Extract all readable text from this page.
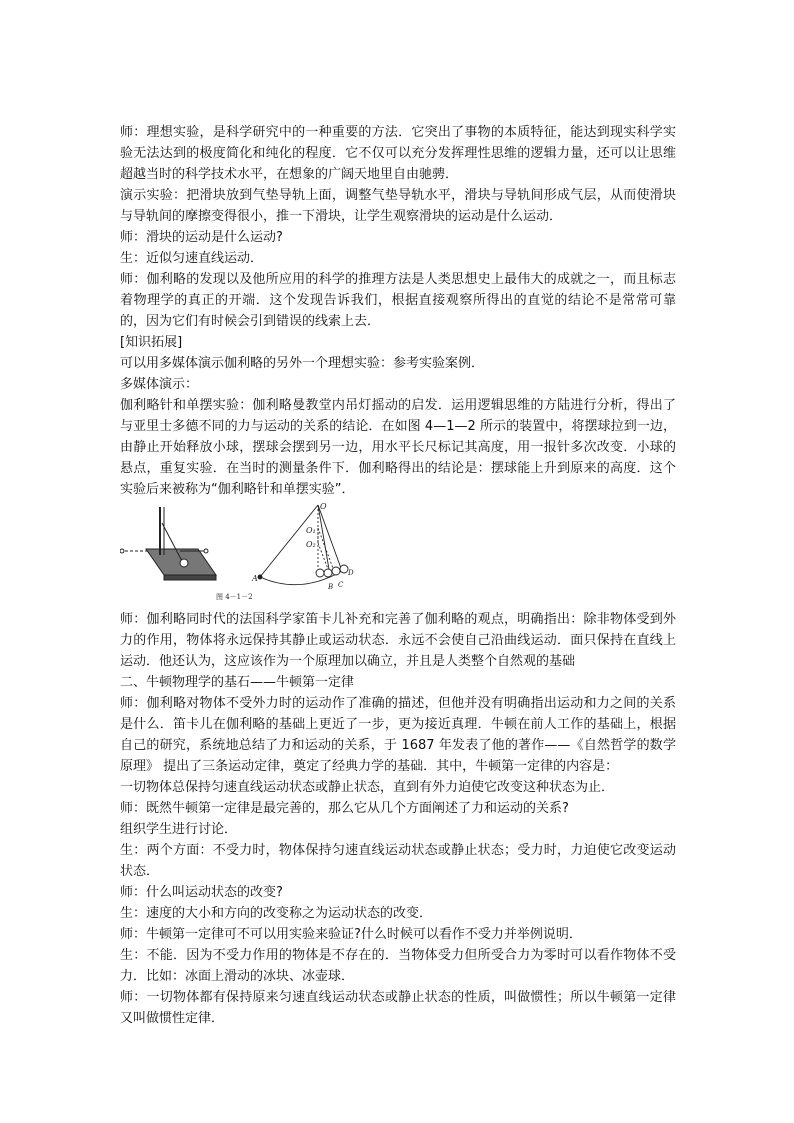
师：理想实验，是科学研究中的一种重要的方法．它突出了事物的本质特征，能达到现实科学实验无法达到的极度简化和纯化的程度．它不仅可以充分发挥理性思维的逻辑力量，还可以让思维超越当时的科学技术水平，在想象的广阔天地里自由驰骋．

演示实验：把滑块放到气垫导轨上面，调整气垫导轨水平，滑块与导轨间形成气层，从而使滑块与导轨间的摩擦变得很小，推一下滑块，让学生观察滑块的运动是什么运动．

师：滑块的运动是什么运动?

生：近似匀速直线运动．

师：伽利略的发现以及他所应用的科学的推理方法是人类思想史上最伟大的成就之一，而且标志着物理学的真正的开端．这个发现告诉我们，根据直接观察所得出的直觉的结论不是常常可靠的，因为它们有时候会引到错误的线索上去．

[知识拓展]

可以用多媒体演示伽利略的另外一个理想实验：参考实验案例．

多媒体演示：

伽利略针和单摆实验：伽利略曼教堂内吊灯摇动的启发．运用逻辑思维的方陆进行分析，得出了与亚里士多德不同的力与运动的关系的结论．在如图 4—1—2 所示的装置中，将摆球拉到一边，由静止开始释放小球，摆球会摆到另一边，用水平长尺标记其高度，用一报针多次改变．小球的悬点，重复实验．在当时的测量条件下．伽利略得出的结论是：摆球能上升到原来的高度．这个实验后来被称为“伽利略针和单摆实验”．

图 4－1－2
O
O₁
O₂
A
B C
D

师：伽利略同时代的法国科学家笛卡儿补充和完善了伽利略的观点，明确指出：除非物体受到外力的作用，物体将永远保持其静止或运动状态．永远不会使自己沿曲线运动．面只保持在直线上运动．他还认为，这应该作为一个原理加以确立，并且是人类整个自然观的基础

二、牛顿物理学的基石——牛顿第一定律

师：伽利略对物体不受外力时的运动作了准确的描述，但他并没有明确指出运动和力之间的关系是什么．笛卡儿在伽利略的基础上更近了一步，更为接近真理．牛顿在前人工作的基础上，根据自己的研究，系统地总结了力和运动的关系，于 1687 年发表了他的著作——《自然哲学的数学原理》 提出了三条运动定律，奠定了经典力学的基础．其中，牛顿第一定律的内容是：

一切物体总保持匀速直线运动状态或静止状态，直到有外力迫使它改变这种状态为止．

师：既然牛顿第一定律是最完善的，那么它从几个方面阐述了力和运动的关系?

组织学生进行讨论．

生：两个方面：不受力时，物体保持匀速直线运动状态或静止状态；受力时，力迫使它改变运动状态．

师：什么叫运动状态的改变?

生：速度的大小和方向的改变称之为运动状态的改变．

师：牛顿第一定律可不可以用实验来验证?什么时候可以看作不受力并举例说明．

生：不能．因为不受力作用的物体是不存在的．当物体受力但所受合力为零时可以看作物体不受力．比如：冰面上滑动的冰块、冰壶球．

师：一切物体都有保持原来匀速直线运动状态或静止状态的性质，叫做惯性；所以牛顿第一定律又叫做惯性定律．
